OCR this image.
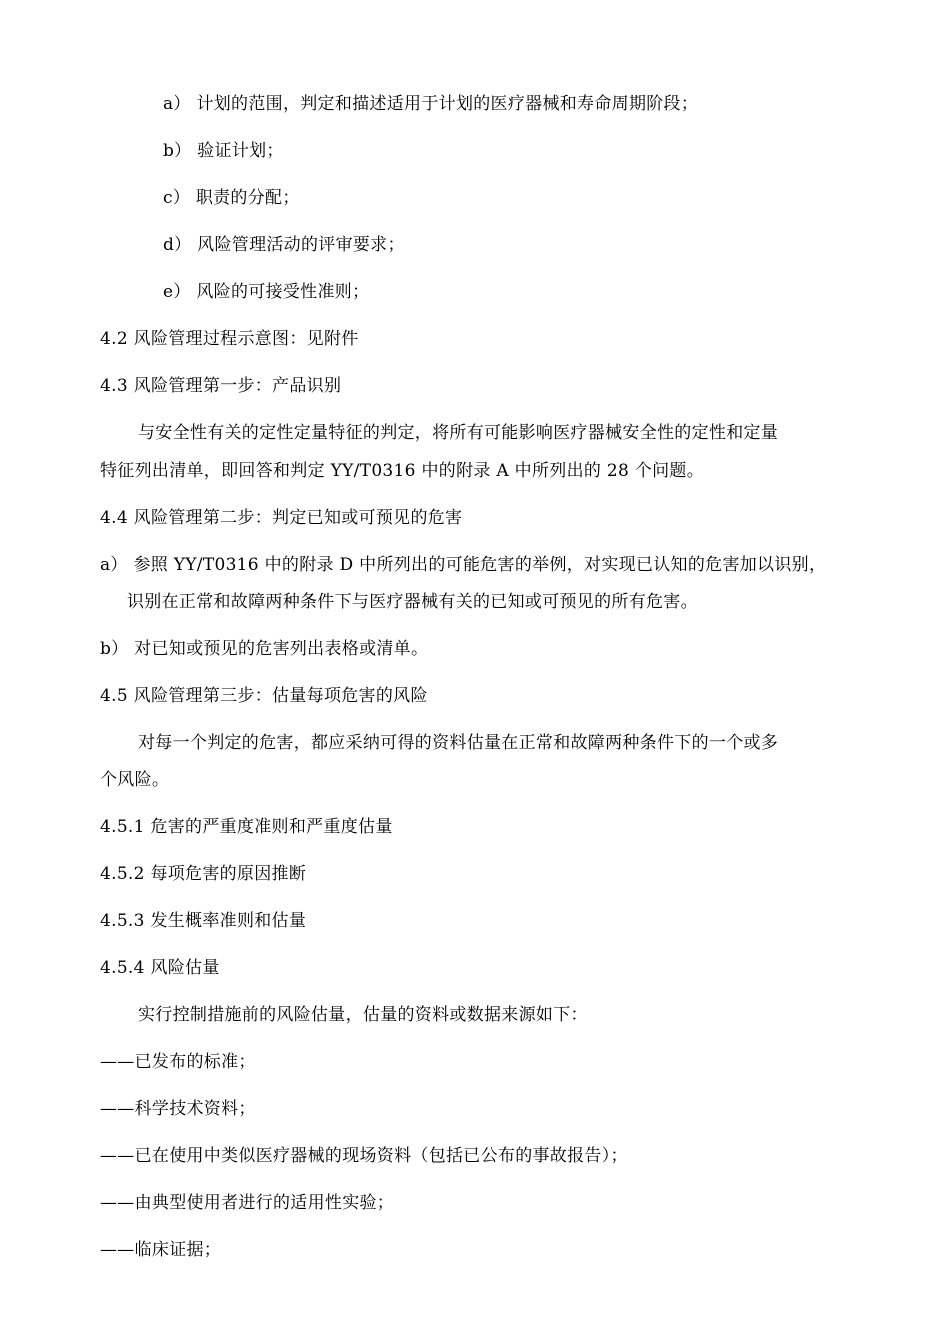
a） 计划的范围，判定和描述适用于计划的医疗器械和寿命周期阶段；
b） 验证计划；
c） 职责的分配；
d） 风险管理活动的评审要求；
e） 风险的可接受性准则；
4.2 风险管理过程示意图：见附件
4.3 风险管理第一步：产品识别
与安全性有关的定性定量特征的判定，将所有可能影响医疗器械安全性的定性和定量
特征列出清单，即回答和判定 YY/T0316 中的附录 A 中所列出的 28 个问题。
4.4 风险管理第二步：判定已知或可预见的危害
a） 参照 YY/T0316 中的附录 D 中所列出的可能危害的举例，对实现已认知的危害加以识别，
识别在正常和故障两种条件下与医疗器械有关的已知或可预见的所有危害。
b） 对已知或预见的危害列出表格或清单。
4.5 风险管理第三步：估量每项危害的风险
对每一个判定的危害，都应采纳可得的资料估量在正常和故障两种条件下的一个或多
个风险。
4.5.1 危害的严重度准则和严重度估量
4.5.2 每项危害的原因推断
4.5.3 发生概率准则和估量
4.5.4 风险估量
实行控制措施前的风险估量，估量的资料或数据来源如下：
——已发布的标准；
——科学技术资料；
——已在使用中类似医疗器械的现场资料（包括已公布的事故报告）；
——由典型使用者进行的适用性实验；
——临床证据；
